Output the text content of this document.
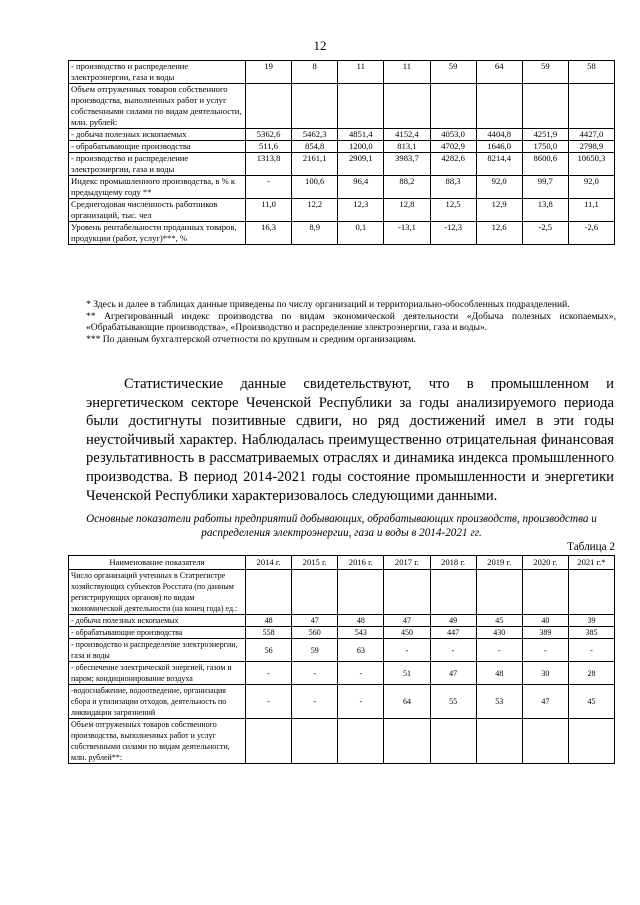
12
- производство и распределение электроэнергии, газа и воды	19	8	11	11	59	64	59	58
Объем отгруженных товаров собственного производства, выполненных работ и услуг собственными силами по видам деятельности, млн. рублей:								
- добыча полезных ископаемых	5362,6	5462,3	4851,4	4152,4	4053,0	4404,8	4251,9	4427,0
- обрабатывающие производства	511,6	854,8	1200,0	813,1	4702,9	1646,0	1750,0	2798,9
- производство и распределение электроэнергии, газа и воды	1313,8	2161,1	2909,1	3983,7	4282,6	8214,4	8600,6	10650,3
Индекс промышленного производства, в % к предыдущему году **	-	100,6	96,4	88,2	88,3	92,0	99,7	92,0
Среднегодовая численность работников организаций, тыс. чел	11,0	12,2	12,3	12,8	12,5	12,9	13,8	11,1
Уровень рентабельности проданных товаров, продукции (работ, услуг)***, %	16,3	8,9	0,1	-13,1	-12,3	12,6	-2,5	-2,6

* Здесь и далее в таблицах данные приведены по числу организаций и территориально-обособленных подразделений.

** Агрегированный индекс производства по видам экономической деятельности «Добыча полезных ископаемых», «Обрабатывающие производства», «Производство и распределение электроэнергии, газа и воды».

*** По данным бухгалтерской отчетности по крупным и средним организациям.

Статистические данные свидетельствуют, что в промышленном и энергетическом секторе Чеченской Республики за годы анализируемого периода были достигнуты позитивные сдвиги, но ряд достижений имел в эти годы неустойчивый характер. Наблюдалась преимущественно отрицательная финансовая результативность в рассматриваемых отраслях и динамика индекса промышленного производства. В период 2014-2021 годы состояние промышленности и энергетики Чеченской Республики характеризовалось следующими данными.
Основные показатели работы предприятий добывающих, обрабатывающих производств, производства и распределения электроэнергии, газа и воды в 2014-2021 гг.
Таблица 2
Наименование показателя	2014 г.	2015 г.	2016 г.	2017 г.	2018 г.	2019 г.	2020 г.	2021 г.*
Число организаций учтенных в Статрегистре хозяйствующих субъектов Росстата (по данным регистрирующих органов) по видам экономической деятельности (на конец года) ед.:								
- добыча полезных ископаемых	48	47	48	47	49	45	40	39
- обрабатывающие производства	558	560	543	450	447	430	389	385
- производство и распределение электроэнергии, газа и воды	56	59	63	-	-	-	-	-
- обеспечение электрической энергией, газом и паром; кондиционирование воздуха	-	-	-	51	47	48	30	28
-водоснабжение, водоотведение, организация сбора и утилизации отходов, деятельность по ликвидации загрязнений	-	-	-	64	55	53	47	45
Объем отгруженных товаров собственного производства, выполненных работ и услуг собственными силами по видам деятельности, млн. рублей**:								
